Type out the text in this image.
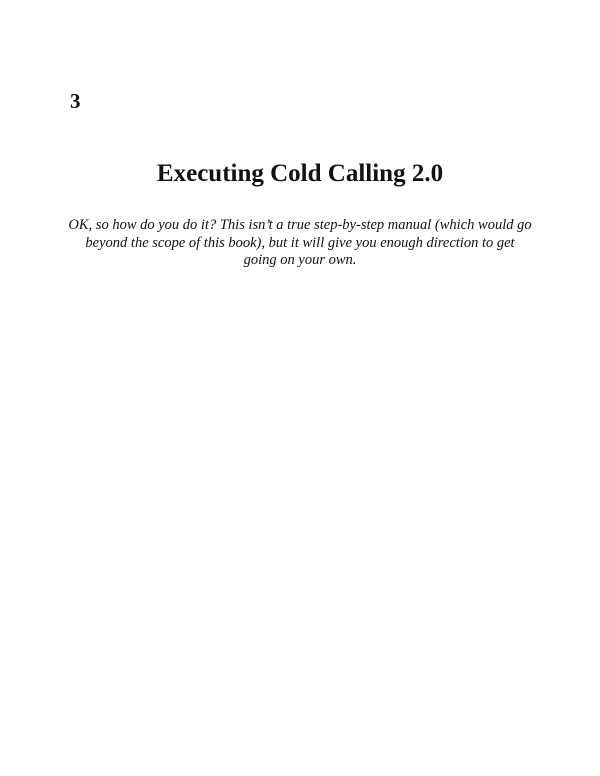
3
Executing Cold Calling 2.0
OK, so how do you do it? This isn’t a true step-by-step manual (which would go beyond the scope of this book), but it will give you enough direction to get going on your own.
